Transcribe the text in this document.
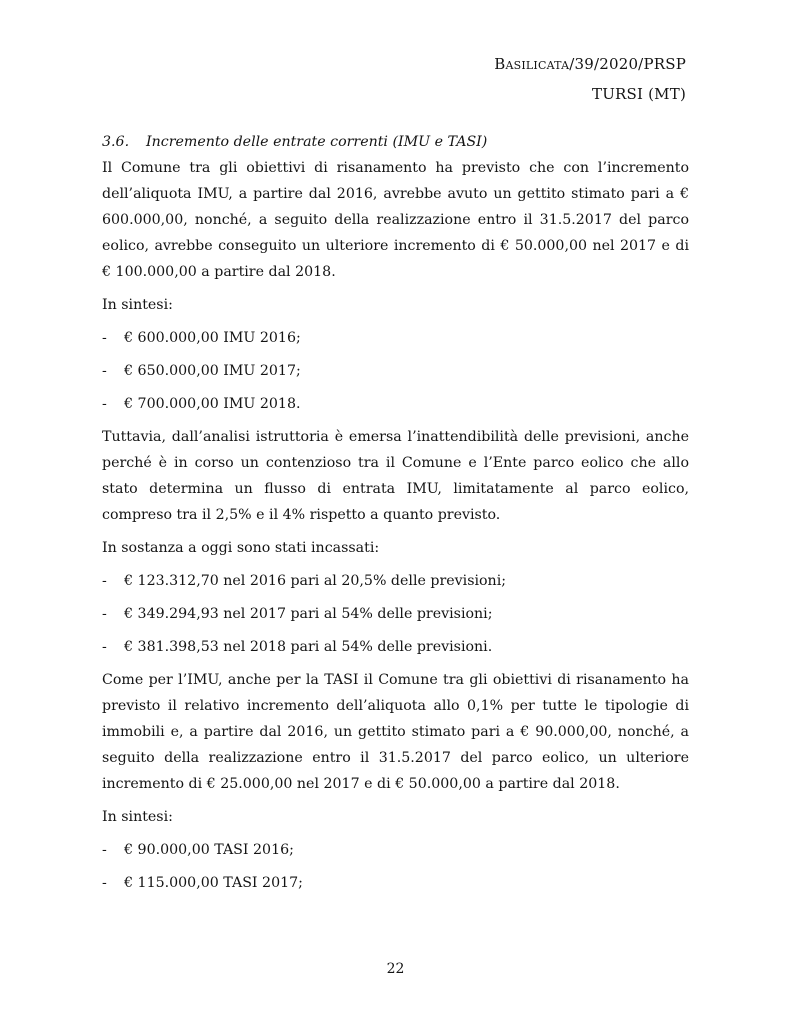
Basilicata/39/2020/PRSP
TURSI (MT)
3.6. Incremento delle entrate correnti (IMU e TASI)
Il Comune tra gli obiettivi di risanamento ha previsto che con l’incremento dell’aliquota IMU, a partire dal 2016, avrebbe avuto un gettito stimato pari a € 600.000,00, nonché, a seguito della realizzazione entro il 31.5.2017 del parco eolico, avrebbe conseguito un ulteriore incremento di € 50.000,00 nel 2017 e di € 100.000,00 a partire dal 2018.
In sintesi:
- € 600.000,00 IMU 2016;
- € 650.000,00 IMU 2017;
- € 700.000,00 IMU 2018.
Tuttavia, dall’analisi istruttoria è emersa l’inattendibilità delle previsioni, anche perché è in corso un contenzioso tra il Comune e l’Ente parco eolico che allo stato determina un flusso di entrata IMU, limitatamente al parco eolico, compreso tra il 2,5% e il 4% rispetto a quanto previsto.
In sostanza a oggi sono stati incassati:
- € 123.312,70 nel 2016 pari al 20,5% delle previsioni;
- € 349.294,93 nel 2017 pari al 54% delle previsioni;
- € 381.398,53 nel 2018 pari al 54% delle previsioni.
Come per l’IMU, anche per la TASI il Comune tra gli obiettivi di risanamento ha previsto il relativo incremento dell’aliquota allo 0,1% per tutte le tipologie di immobili e, a partire dal 2016, un gettito stimato pari a € 90.000,00, nonché, a seguito della realizzazione entro il 31.5.2017 del parco eolico, un ulteriore incremento di € 25.000,00 nel 2017 e di € 50.000,00 a partire dal 2018.
In sintesi:
- € 90.000,00 TASI 2016;
- € 115.000,00 TASI 2017;
22
